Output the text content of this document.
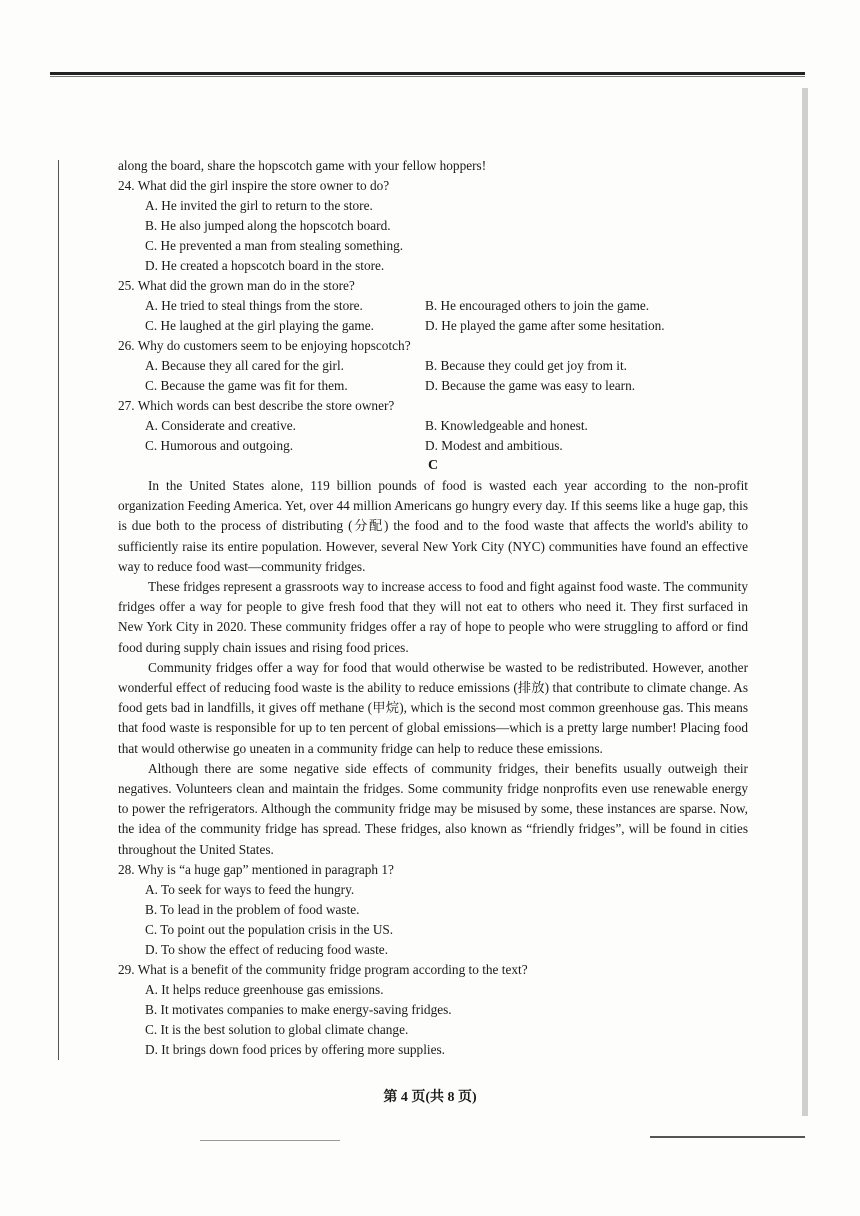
along the board, share the hopscotch game with your fellow hoppers!
24. What did the girl inspire the store owner to do?
A. He invited the girl to return to the store.
B. He also jumped along the hopscotch board.
C. He prevented a man from stealing something.
D. He created a hopscotch board in the store.
25. What did the grown man do in the store?
A. He tried to steal things from the store.	B. He encouraged others to join the game.
C. He laughed at the girl playing the game.	D. He played the game after some hesitation.
26. Why do customers seem to be enjoying hopscotch?
A. Because they all cared for the girl.	B. Because they could get joy from it.
C. Because the game was fit for them.	D. Because the game was easy to learn.
27. Which words can best describe the store owner?
A. Considerate and creative.	B. Knowledgeable and honest.
C. Humorous and outgoing.	D. Modest and ambitious.
C

In the United States alone, 119 billion pounds of food is wasted each year according to the non-profit organization Feeding America. Yet, over 44 million Americans go hungry every day. If this seems like a huge gap, this is due both to the process of distributing (分配) the food and to the food waste that affects the world's ability to sufficiently raise its entire population. However, several New York City (NYC) communities have found an effective way to reduce food wast—community fridges.

These fridges represent a grassroots way to increase access to food and fight against food waste. The community fridges offer a way for people to give fresh food that they will not eat to others who need it. They first surfaced in New York City in 2020. These community fridges offer a ray of hope to people who were struggling to afford or find food during supply chain issues and rising food prices.

Community fridges offer a way for food that would otherwise be wasted to be redistributed. However, another wonderful effect of reducing food waste is the ability to reduce emissions (排放) that contribute to climate change. As food gets bad in landfills, it gives off methane (甲烷), which is the second most common greenhouse gas. This means that food waste is responsible for up to ten percent of global emissions—which is a pretty large number! Placing food that would otherwise go uneaten in a community fridge can help to reduce these emissions.

Although there are some negative side effects of community fridges, their benefits usually outweigh their negatives. Volunteers clean and maintain the fridges. Some community fridge nonprofits even use renewable energy to power the refrigerators. Although the community fridge may be misused by some, these instances are sparse. Now, the idea of the community fridge has spread. These fridges, also known as “friendly fridges”, will be found in cities throughout the United States.

28. Why is “a huge gap” mentioned in paragraph 1?
A. To seek for ways to feed the hungry.
B. To lead in the problem of food waste.
C. To point out the population crisis in the US.
D. To show the effect of reducing food waste.
29. What is a benefit of the community fridge program according to the text?
A. It helps reduce greenhouse gas emissions.
B. It motivates companies to make energy-saving fridges.
C. It is the best solution to global climate change.
D. It brings down food prices by offering more supplies.
第 4 页(共 8 页)
